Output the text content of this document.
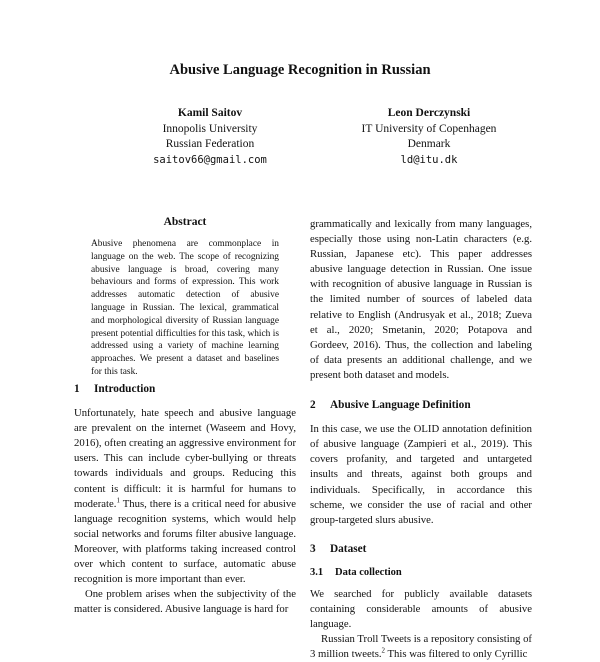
Abusive Language Recognition in Russian
Kamil Saitov
Innopolis University
Russian Federation
saitov66@gmail.com
Leon Derczynski
IT University of Copenhagen
Denmark
ld@itu.dk
Abstract
Abusive phenomena are commonplace in language on the web. The scope of recognizing abusive language is broad, covering many behaviours and forms of expression. This work addresses automatic detection of abusive language in Russian. The lexical, grammatical and morphological diversity of Russian language present potential difficulties for this task, which is addressed using a variety of machine learning approaches. We present a dataset and baselines for this task.
1 Introduction

Unfortunately, hate speech and abusive language are prevalent on the internet (Waseem and Hovy, 2016), often creating an aggressive environment for users. This can include cyber-bullying or threats towards individuals and groups. Reducing this content is difficult: it is harmful for humans to moderate.$^1$ Thus, there is a critical need for abusive language recognition systems, which would help social networks and forums filter abusive language. Moreover, with platforms taking increased control over which content to surface, automatic abuse recognition is more important than ever.

One problem arises when the subjectivity of the matter is considered. Abusive language is hard for

grammatically and lexically from many languages, especially those using non-Latin characters (e.g. Russian, Japanese etc). This paper addresses abusive language detection in Russian. One issue with recognition of abusive language in Russian is the limited number of sources of labeled data relative to English (Andrusyak et al., 2018; Zueva et al., 2020; Smetanin, 2020; Potapova and Gordeev, 2016). Thus, the collection and labeling of data presents an additional challenge, and we present both dataset and models.

2 Abusive Language Definition

In this case, we use the OLID annotation definition of abusive language (Zampieri et al., 2019). This covers profanity, and targeted and untargeted insults and threats, against both groups and individuals. Specifically, in accordance this scheme, we consider the use of racial and other group-targeted slurs abusive.

3 Dataset
3.1 Data collection

We searched for publicly available datasets containing considerable amounts of abusive language.

Russian Troll Tweets is a repository consisting of 3 million tweets.$^2$ This was filtered to only Cyrillic
